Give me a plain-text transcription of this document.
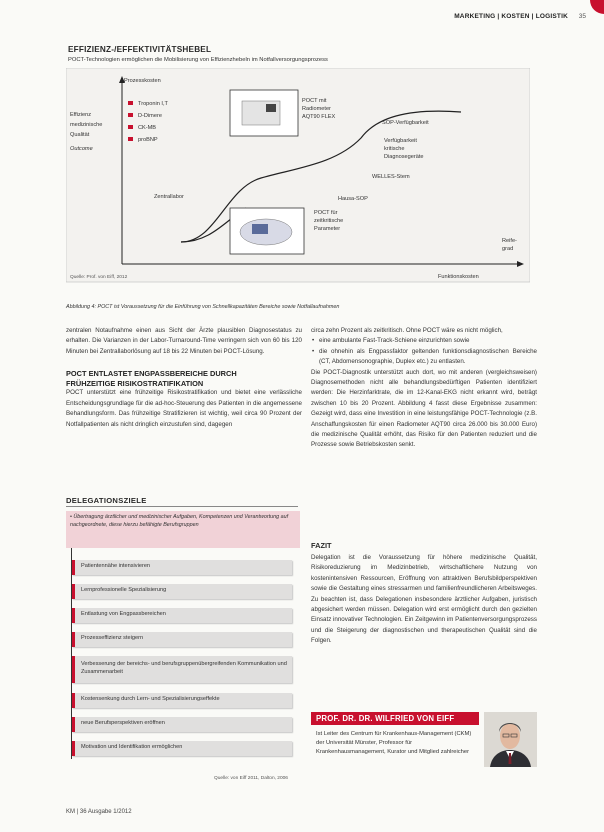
MARKETING | KOSTEN | LOGISTIK 35
EFFIZIENZ-/EFFEKTIVITÄTSHEBEL
POCT-Technologien ermöglichen die Mobilisierung von Effizienzhebeln im Notfallversorgungsprozess
Prozesskosten
Effizienz medizinische Qualität Outcome
Troponin I,T
D-Dimere
CK-MB
proBNP
POCT mit Radiometer AQT90 FLEX
POCT für zeitkritische Parameter
Zentrallabor
SOP-Verfügbarkeit
Verfügbarkeit kritische Diagnosegeräte
WELLES-Stem
Hausa-SOP
Reife- grad
Funktionskosten
Quelle: Prof. von Eiff, 2012
Abbildung 4: POCT ist Voraussetzung für die Einführung von Schnellkapazitäten Bereiche sowie Notfallaufnahmen

zentralen Notaufnahme einen aus Sicht der Ärzte plausiblen Diagnosestatus zu erhalten. Die Varianzen in der Labor-Turnaround-Time verringern sich von 60 bis 120 Minuten bei Zentrallaborlösung auf 18 bis 22 Minuten bei POCT-Lösung.

POCT ENTLASTET ENGPASSBEREICHE DURCH

FRÜHZEITIGE RISIKOSTRATIFIKATION

POCT unterstützt eine frühzeitige Risikostratifikation und bietet eine verlässliche Entscheidungsgrundlage für die ad-hoc-Steuerung des Patienten in die angemessene Behandlungsform. Das frühzeitige Stratifizieren ist wichtig, weil circa 90 Prozent der Notfallpatienten als nicht dringlich einzustufen sind, dagegen

circa zehn Prozent als zeitkritisch. Ohne POCT wäre es nicht möglich,

• eine ambulante Fast-Track-Schiene einzurichten sowie
• die ohnehin als Engpassfaktor geltenden funktionsdiagnostischen Bereiche (CT, Abdomensonographie, Duplex etc.) zu entlasten.

Die POCT-Diagnostik unterstützt auch dort, wo mit anderen (vergleichsweisen) Diagnosemethoden nicht alle behandlungsbedürftigen Patienten identifiziert werden: Die Herzinfarktrate, die im 12-Kanal-EKG nicht erkannt wird, beträgt zwischen 10 bis 20 Prozent. Abbildung 4 fasst diese Ergebnisse zusammen: Gezeigt wird, dass eine Investition in eine leistungsfähige POCT-Technologie (z.B. Anschaffungskosten für einen Radiometer AQT90 circa 26.000 bis 30.000 Euro) die medizinische Qualität erhöht, das Risiko für den Patienten reduziert und die Prozesse sowie Betriebskosten senkt.

FAZIT
Delegation ist die Voraussetzung für höhere medizinische Qualität, Risikoreduzierung im Medizinbetrieb, wirtschaftlichere Nutzung von kostenintensiven Ressourcen, Eröffnung von attraktiven Berufsbildperspektiven sowie die Gestaltung eines stressarmen und familienfreundlicheren Arbeitsweges. Zu beachten ist, dass Delegationen insbesondere ärztlicher Aufgaben, juristisch abgesichert werden müssen. Delegation wird erst ermöglicht durch den gezielten Einsatz innovativer Technologien. Ein Zeitgewinn im Patientenversorgungsprozess und die Steigerung der diagnostischen und therapeutischen Qualität sind die Folgen.
DELEGATIONSZIELE
• Übertragung ärztlicher und medizinischer Aufgaben, Kompetenzen und Verantwortung auf nachgeordnete, diese hierzu befähigte Berufsgruppen
Patientennähe intensivieren
Lernprofessionelle Spezialisierung
Entlastung von Engpassbereichen
Prozesseffizienz steigern
Verbesserung der bereichs- und berufsgruppenübergreifenden Kommunikation und Zusammenarbeit
Kostensenkung durch Lern- und Spezialisierungseffekte
neue Berufsperspektiven eröffnen
Motivation und Identifikation ermöglichen
Quelle: von Eiff 2011, Dalton, 2006
PROF. DR. DR. WILFRIED VON EIFF
Ist Leiter des Centrum für Krankenhaus-Management (CKM) der Universität Münster, Professor für Krankenhausmanagement, Kurator und Mitglied zahlreicher
KM | 36 Ausgabe 1/2012
